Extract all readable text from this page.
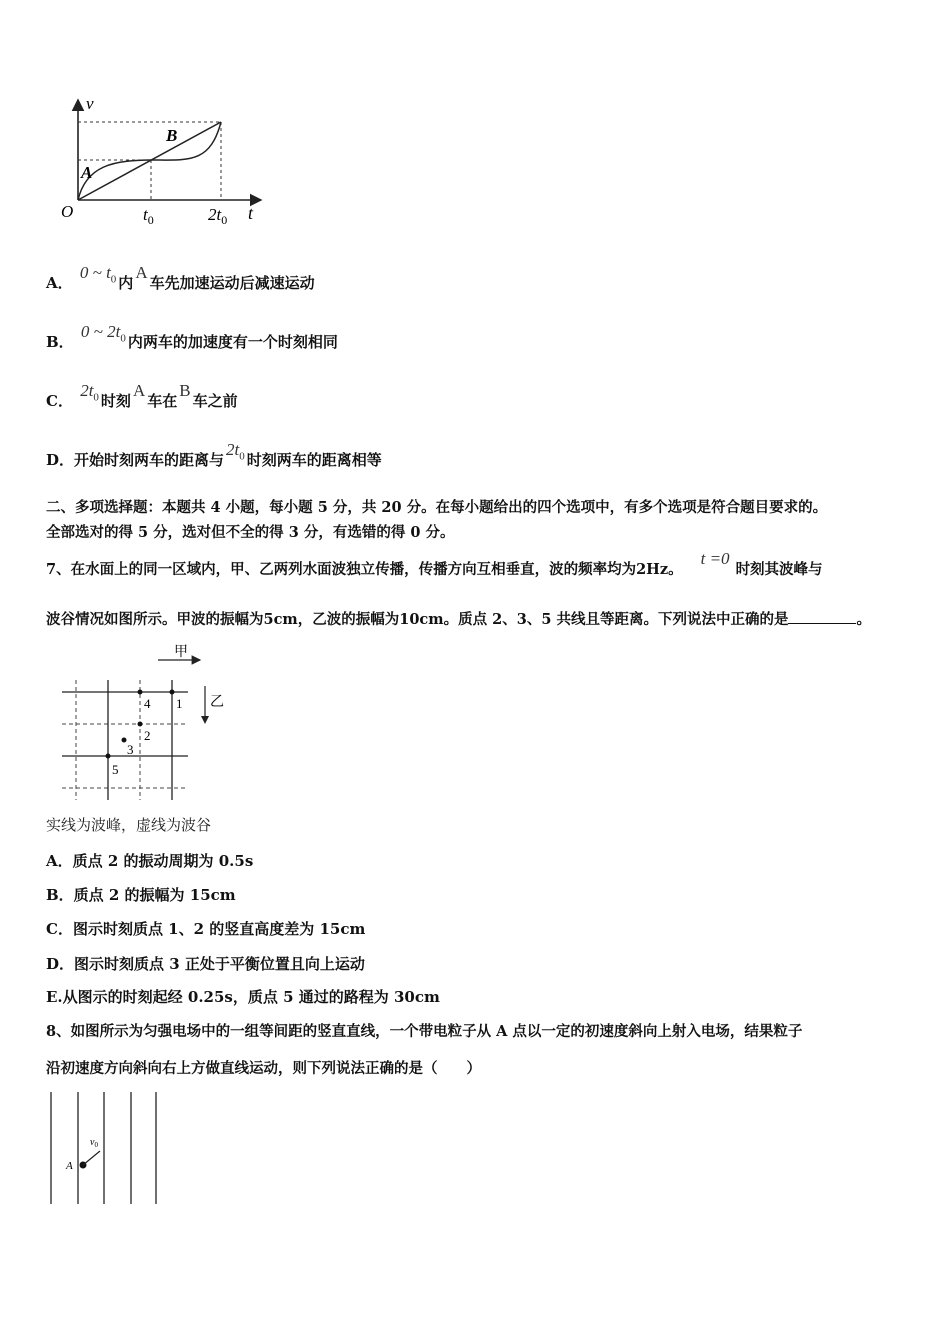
v
t
O
A
B
$t_0$	$2t_0$
A． 0 ~ $t_0$ 内A车先加速运动后减速运动
B． 0 ~ $2t_0$ 内两车的加速度有一个时刻相同
C． $2t_0$ 时刻A车在B车之前
D．开始时刻两车的距离与$2t_0$ 时刻两车的距离相等
二、多项选择题：本题共 4 小题，每小题 5 分，共 20 分。在每小题给出的四个选项中，有多个选项是符合题目要求的。
全部选对的得 5 分，选对但不全的得 3 分，有选错的得 0 分。
7、在水面上的同一区域内，甲、乙两列水面波独立传播，传播方向互相垂直，波的频率均为2Hz。t =0时刻其波峰与
波谷情况如图所示。甲波的振幅为5cm，乙波的振幅为10cm。质点 2、3、5 共线且等距离。下列说法中正确的是	。
甲
乙
1
4
2
3
5
实线为波峰，虚线为波谷
A．质点 2 的振动周期为 0.5s
B．质点 2 的振幅为 15cm
C．图示时刻质点 1、2 的竖直高度差为 15cm
D．图示时刻质点 3 正处于平衡位置且向上运动
E.从图示的时刻起经 0.25s，质点 5 通过的路程为 30cm
8、如图所示为匀强电场中的一组等间距的竖直直线，一个带电粒子从 A 点以一定的初速度斜向上射入电场，结果粒子
沿初速度方向斜向右上方做直线运动，则下列说法正确的是（　　）
A
$v_0$
